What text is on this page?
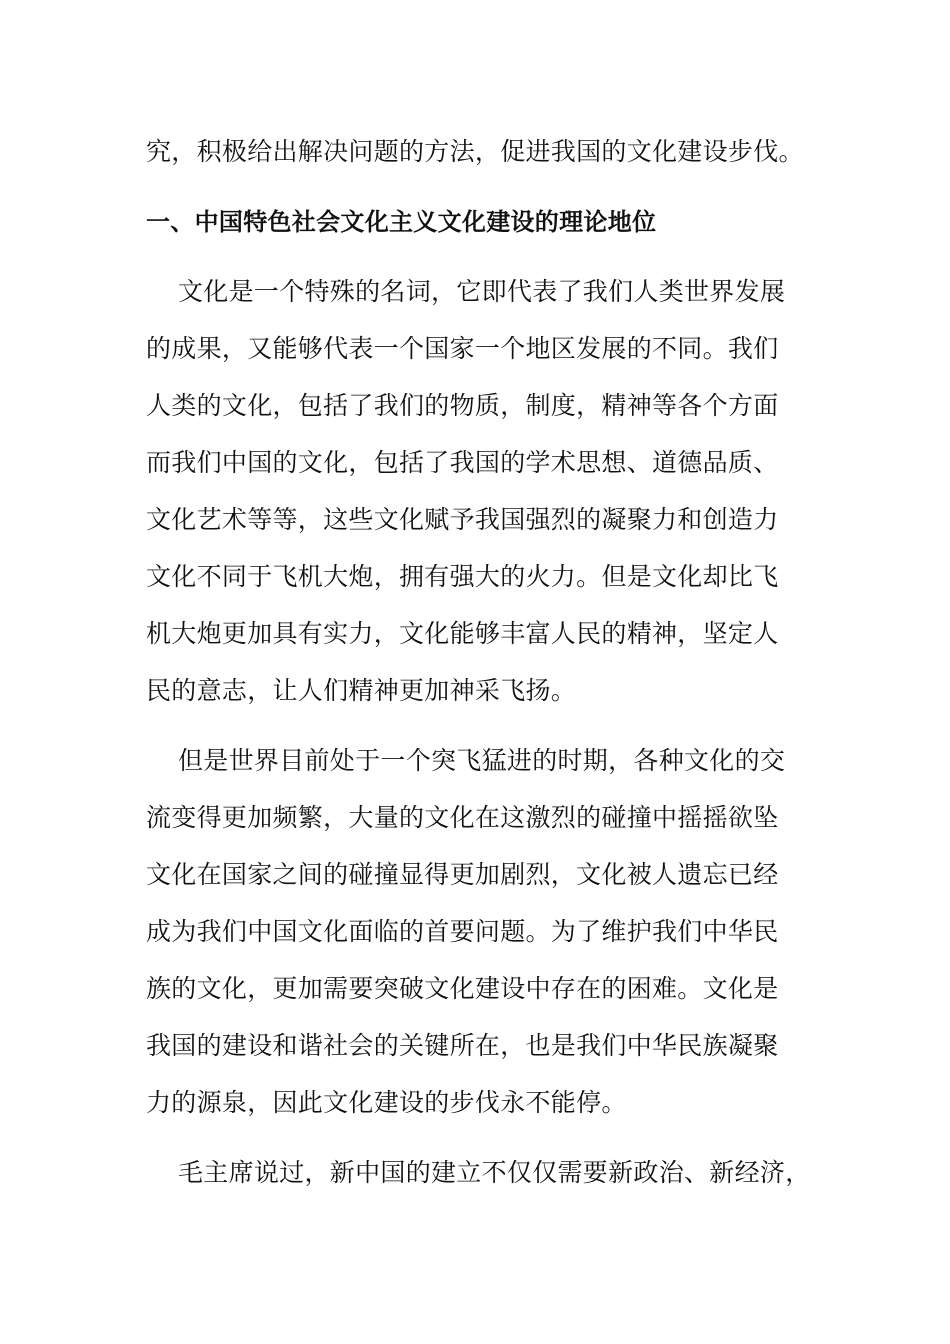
究，积极给出解决问题的方法，促进我国的文化建设步伐。
一、中国特色社会文化主义文化建设的理论地位
文化是一个特殊的名词，它即代表了我们人类世界发展
的成果，又能够代表一个国家一个地区发展的不同。我们
人类的文化，包括了我们的物质，制度，精神等各个方面
而我们中国的文化，包括了我国的学术思想、道德品质、
文化艺术等等，这些文化赋予我国强烈的凝聚力和创造力
文化不同于飞机大炮，拥有强大的火力。但是文化却比飞
机大炮更加具有实力，文化能够丰富人民的精神，坚定人
民的意志，让人们精神更加神采飞扬。
但是世界目前处于一个突飞猛进的时期，各种文化的交
流变得更加频繁，大量的文化在这激烈的碰撞中摇摇欲坠
文化在国家之间的碰撞显得更加剧烈，文化被人遗忘已经
成为我们中国文化面临的首要问题。为了维护我们中华民
族的文化，更加需要突破文化建设中存在的困难。文化是
我国的建设和谐社会的关键所在，也是我们中华民族凝聚
力的源泉，因此文化建设的步伐永不能停。
毛主席说过，新中国的建立不仅仅需要新政治、新经济，
